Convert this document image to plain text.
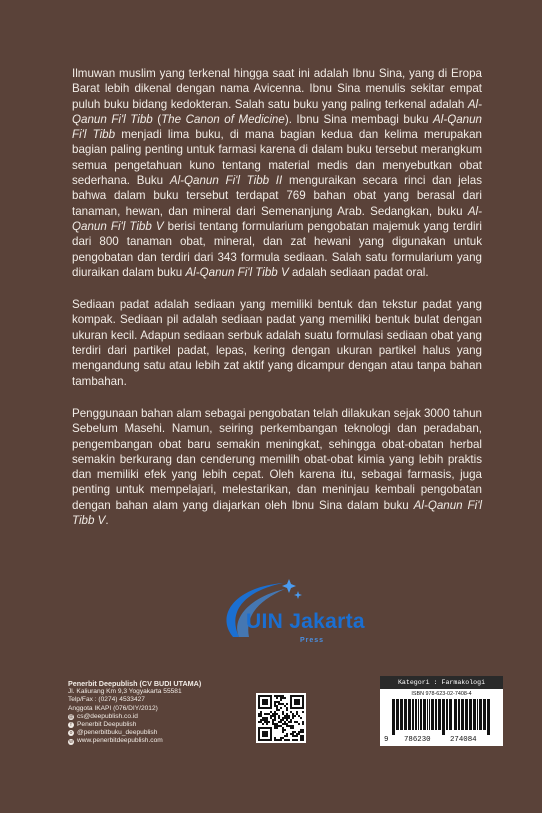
Ilmuwan muslim yang terkenal hingga saat ini adalah Ibnu Sina, yang di Eropa Barat lebih dikenal dengan nama Avicenna. Ibnu Sina menulis sekitar empat puluh buku bidang kedokteran. Salah satu buku yang paling terkenal adalah Al-Qanun Fi'l Tibb (The Canon of Medicine). Ibnu Sina membagi buku Al-Qanun Fi'l Tibb menjadi lima buku, di mana bagian kedua dan kelima merupakan bagian paling penting untuk farmasi karena di dalam buku tersebut merangkum semua pengetahuan kuno tentang material medis dan menyebutkan obat sederhana. Buku Al-Qanun Fi'l Tibb II menguraikan secara rinci dan jelas bahwa dalam buku tersebut terdapat 769 bahan obat yang berasal dari tanaman, hewan, dan mineral dari Semenanjung Arab. Sedangkan, buku Al-Qanun Fi'l Tibb V berisi tentang formularium pengobatan majemuk yang terdiri dari 800 tanaman obat, mineral, dan zat hewani yang digunakan untuk pengobatan dan terdiri dari 343 formula sediaan. Salah satu formularium yang diuraikan dalam buku Al-Qanun Fi'l Tibb V adalah sediaan padat oral.

Sediaan padat adalah sediaan yang memiliki bentuk dan tekstur padat yang kompak. Sediaan pil adalah sediaan padat yang memiliki bentuk bulat dengan ukuran kecil. Adapun sediaan serbuk adalah suatu formulasi sediaan obat yang terdiri dari partikel padat, lepas, kering dengan ukuran partikel halus yang mengandung satu atau lebih zat aktif yang dicampur dengan atau tanpa bahan tambahan.

Penggunaan bahan alam sebagai pengobatan telah dilakukan sejak 3000 tahun Sebelum Masehi. Namun, seiring perkembangan teknologi dan peradaban, pengembangan obat baru semakin meningkat, sehingga obat-obatan herbal semakin berkurang dan cenderung memilih obat-obat kimia yang lebih praktis dan memiliki efek yang lebih cepat. Oleh karena itu, sebagai farmasis, juga penting untuk mempelajari, melestarikan, dan meninjau kembali pengobatan dengan bahan alam yang diajarkan oleh Ibnu Sina dalam buku Al-Qanun Fi'l Tibb V.

UIN Jakarta
Press
Penerbit Deepublish (CV BUDI UTAMA)
Jl. Kaliurang Km 9,3 Yogyakarta 55581
Telp/Fax : (0274) 4533427
Anggota IKAPI (076/DIY/2012)
@ cs@deepublish.co.id
f Penerbit Deepublish
o @penerbitbuku_deepublish
w www.penerbitdeepublish.com
Kategori : Farmakologi
ISBN 978-623-02-7408-4
9 786230	274084
